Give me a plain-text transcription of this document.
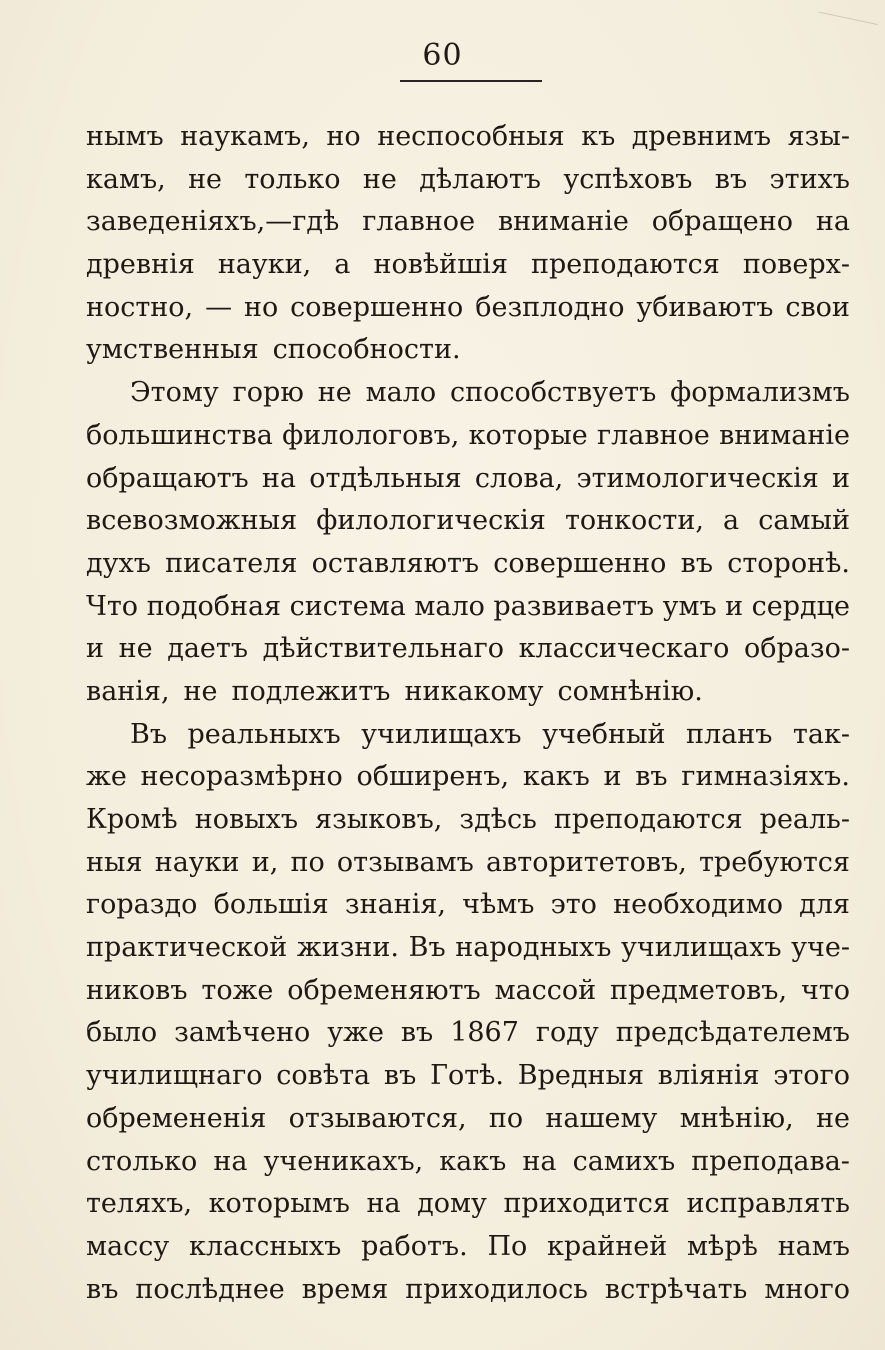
60
нымъ наукамъ, но неспособныя къ древнимъ язы-
камъ, не только не дѣлаютъ успѣховъ въ этихъ
заведеніяхъ,—гдѣ главное вниманіе обращено на
древнія науки, а новѣйшія преподаются поверх-
ностно, — но совершенно безплодно убиваютъ свои
умственныя способности.
Этому горю не мало способствуетъ формализмъ
большинства филологовъ, которые главное вниманіе
обращаютъ на отдѣльныя слова, этимологическія и
всевозможныя филологическія тонкости, а самый
духъ писателя оставляютъ совершенно въ сторонѣ.
Что подобная система мало развиваетъ умъ и сердце
и не даетъ дѣйствительнаго классическаго образо-
ванія, не подлежитъ никакому сомнѣнію.
Въ реальныхъ училищахъ учебный планъ так-
же несоразмѣрно обширенъ, какъ и въ гимназіяхъ.
Кромѣ новыхъ языковъ, здѣсь преподаются реаль-
ныя науки и, по отзывамъ авторитетовъ, требуются
гораздо большія знанія, чѣмъ это необходимо для
практической жизни. Въ народныхъ училищахъ уче-
никовъ тоже обременяютъ массой предметовъ, что
было замѣчено уже въ 1867 году предсѣдателемъ
училищнаго совѣта въ Готѣ. Вредныя вліянія этого
обремененія отзываются, по нашему мнѣнію, не
столько на ученикахъ, какъ на самихъ преподава-
теляхъ, которымъ на дому приходится исправлять
массу классныхъ работъ. По крайней мѣрѣ намъ
въ послѣднее время приходилось встрѣчать много
